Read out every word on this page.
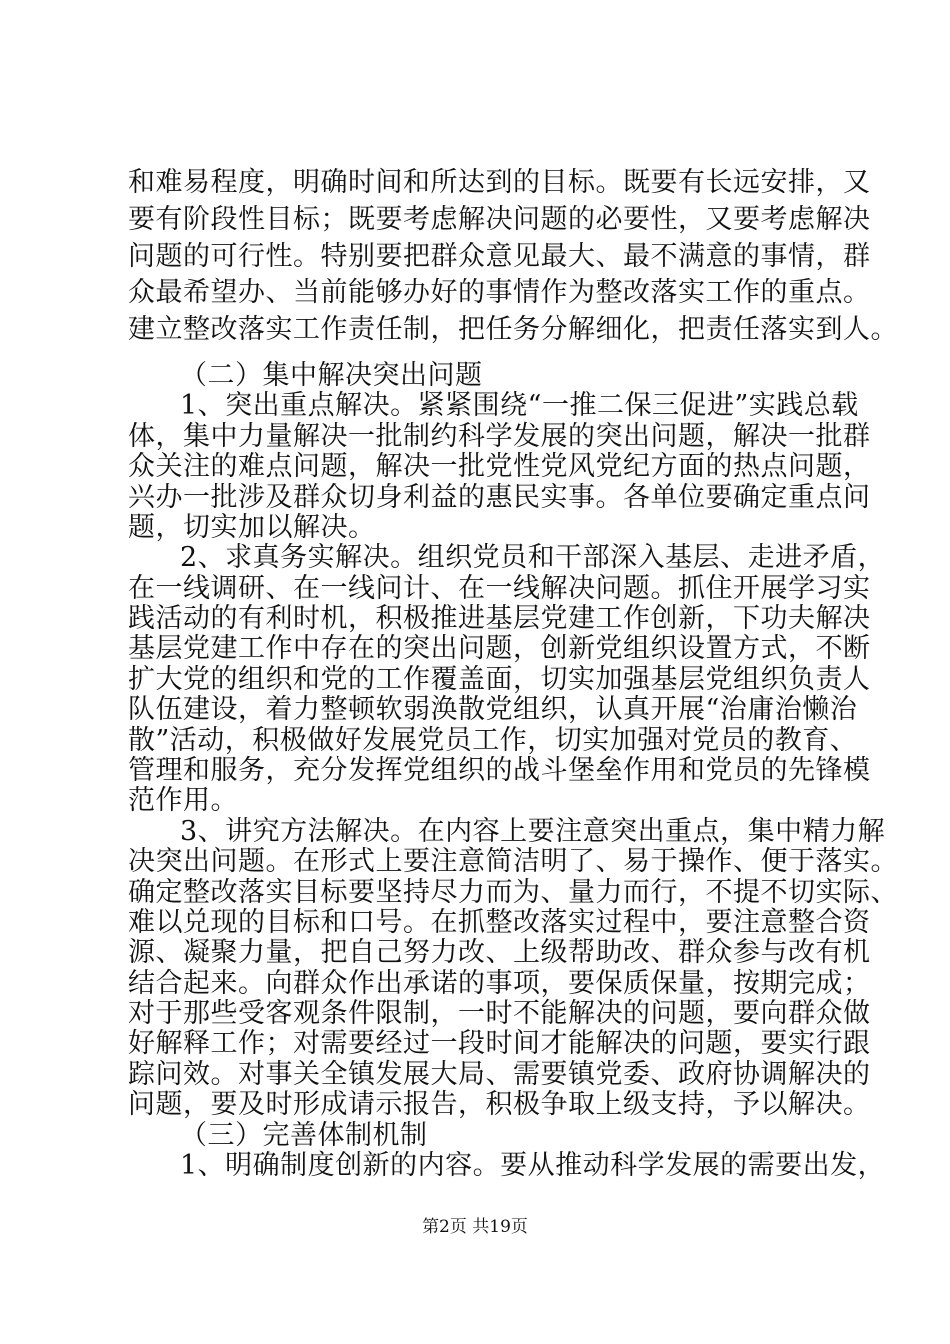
和难易程度，明确时间和所达到的目标。既要有长远安排，又
要有阶段性目标；既要考虑解决问题的必要性，又要考虑解决
问题的可行性。特别要把群众意见最大、最不满意的事情，群
众最希望办、当前能够办好的事情作为整改落实工作的重点。
建立整改落实工作责任制，把任务分解细化，把责任落实到人。
（二）集中解决突出问题
1、突出重点解决。紧紧围绕“一推二保三促进”实践总载
体，集中力量解决一批制约科学发展的突出问题，解决一批群
众关注的难点问题，解决一批党性党风党纪方面的热点问题，
兴办一批涉及群众切身利益的惠民实事。各单位要确定重点问
题，切实加以解决。
2、求真务实解决。组织党员和干部深入基层、走进矛盾，
在一线调研、在一线问计、在一线解决问题。抓住开展学习实
践活动的有利时机，积极推进基层党建工作创新，下功夫解决
基层党建工作中存在的突出问题，创新党组织设置方式，不断
扩大党的组织和党的工作覆盖面，切实加强基层党组织负责人
队伍建设，着力整顿软弱涣散党组织，认真开展“治庸治懒治
散”活动，积极做好发展党员工作，切实加强对党员的教育、
管理和服务，充分发挥党组织的战斗堡垒作用和党员的先锋模
范作用。
3、讲究方法解决。在内容上要注意突出重点，集中精力解
决突出问题。在形式上要注意简洁明了、易于操作、便于落实。
确定整改落实目标要坚持尽力而为、量力而行，不提不切实际、
难以兑现的目标和口号。在抓整改落实过程中，要注意整合资
源、凝聚力量，把自己努力改、上级帮助改、群众参与改有机
结合起来。向群众作出承诺的事项，要保质保量，按期完成；
对于那些受客观条件限制，一时不能解决的问题，要向群众做
好解释工作；对需要经过一段时间才能解决的问题，要实行跟
踪问效。对事关全镇发展大局、需要镇党委、政府协调解决的
问题，要及时形成请示报告，积极争取上级支持，予以解决。
（三）完善体制机制
1、明确制度创新的内容。要从推动科学发展的需要出发，
第2页 共19页
